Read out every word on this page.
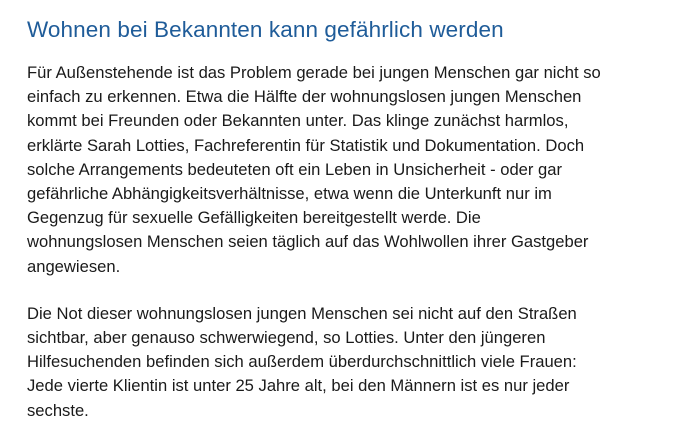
Wohnen bei Bekannten kann gefährlich werden

Für Außenstehende ist das Problem gerade bei jungen Menschen gar nicht so
einfach zu erkennen. Etwa die Hälfte der wohnungslosen jungen Menschen
kommt bei Freunden oder Bekannten unter. Das klinge zunächst harmlos,
erklärte Sarah Lotties, Fachreferentin für Statistik und Dokumentation. Doch
solche Arrangements bedeuteten oft ein Leben in Unsicherheit - oder gar
gefährliche Abhängigkeitsverhältnisse, etwa wenn die Unterkunft nur im
Gegenzug für sexuelle Gefälligkeiten bereitgestellt werde. Die
wohnungslosen Menschen seien täglich auf das Wohlwollen ihrer Gastgeber
angewiesen.

Die Not dieser wohnungslosen jungen Menschen sei nicht auf den Straßen
sichtbar, aber genauso schwerwiegend, so Lotties. Unter den jüngeren
Hilfesuchenden befinden sich außerdem überdurchschnittlich viele Frauen:
Jede vierte Klientin ist unter 25 Jahre alt, bei den Männern ist es nur jeder
sechste.
